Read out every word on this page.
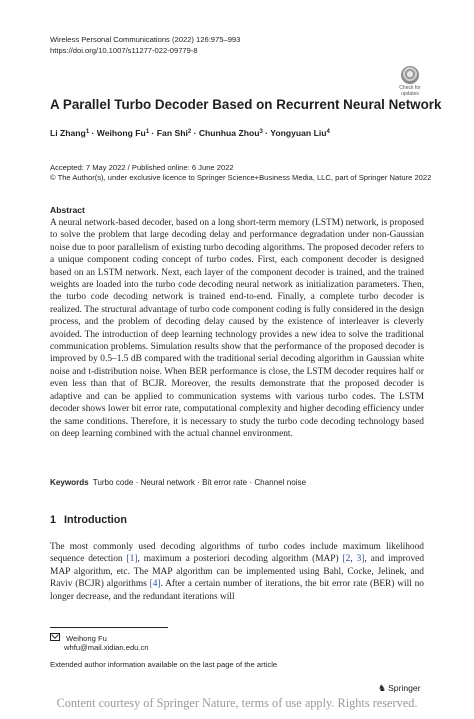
Wireless Personal Communications (2022) 126:975–993
https://doi.org/10.1007/s11277-022-09779-8
Check for updates
A Parallel Turbo Decoder Based on Recurrent Neural Network
Li Zhang$^1$ · Weihong $Fu^1$ · Fan Shi$^2$ · Chunhua Zhou$^3$ · Yongyuan Liu$^4$
Accepted: 7 May 2022 / Published online: 6 June 2022
© The Author(s), under exclusive licence to Springer Science+Business Media, LLC, part of Springer Nature 2022
Abstract
A neural network-based decoder, based on a long short-term memory (LSTM) network, is proposed to solve the problem that large decoding delay and performance degradation under non-Gaussian noise due to poor parallelism of existing turbo decoding algorithms. The proposed decoder refers to a unique component coding concept of turbo codes. First, each component decoder is designed based on an LSTM network. Next, each layer of the component decoder is trained, and the trained weights are loaded into the turbo code decoding neural network as initialization parameters. Then, the turbo code decoding network is trained end-to-end. Finally, a complete turbo decoder is realized. The structural advantage of turbo code component coding is fully considered in the design process, and the problem of decoding delay caused by the existence of interleaver is cleverly avoided. The introduction of deep learning technology provides a new idea to solve the traditional communication problems. Simulation results show that the performance of the proposed decoder is improved by 0.5–1.5 dB compared with the traditional serial decoding algorithm in Gaussian white noise and t-distribution noise. When BER performance is close, the LSTM decoder requires half or even less than that of BCJR. Moreover, the results demonstrate that the proposed decoder is adaptive and can be applied to communication systems with various turbo codes. The LSTM decoder shows lower bit error rate, computational complexity and higher decoding efficiency under the same conditions. Therefore, it is necessary to study the turbo code decoding technology based on deep learning combined with the actual channel environment.
Keywords Turbo code · Neural network · Bit error rate · Channel noise
1 Introduction
The most commonly used decoding algorithms of turbo codes include maximum likelihood sequence detection [1], maximum a posteriori decoding algorithm (MAP) [2, 3], and improved MAP algorithm, etc. The MAP algorithm can be implemented using Bahl, Cocke, Jelinek, and Raviv (BCJR) algorithms [4]. After a certain number of iterations, the bit error rate (BER) will no longer decrease, and the redundant iterations will
Weihong Fu
whfu@mail.xidian.edu.cn
Extended author information available on the last page of the article
♞ Springer
Content courtesy of Springer Nature, terms of use apply. Rights reserved.
